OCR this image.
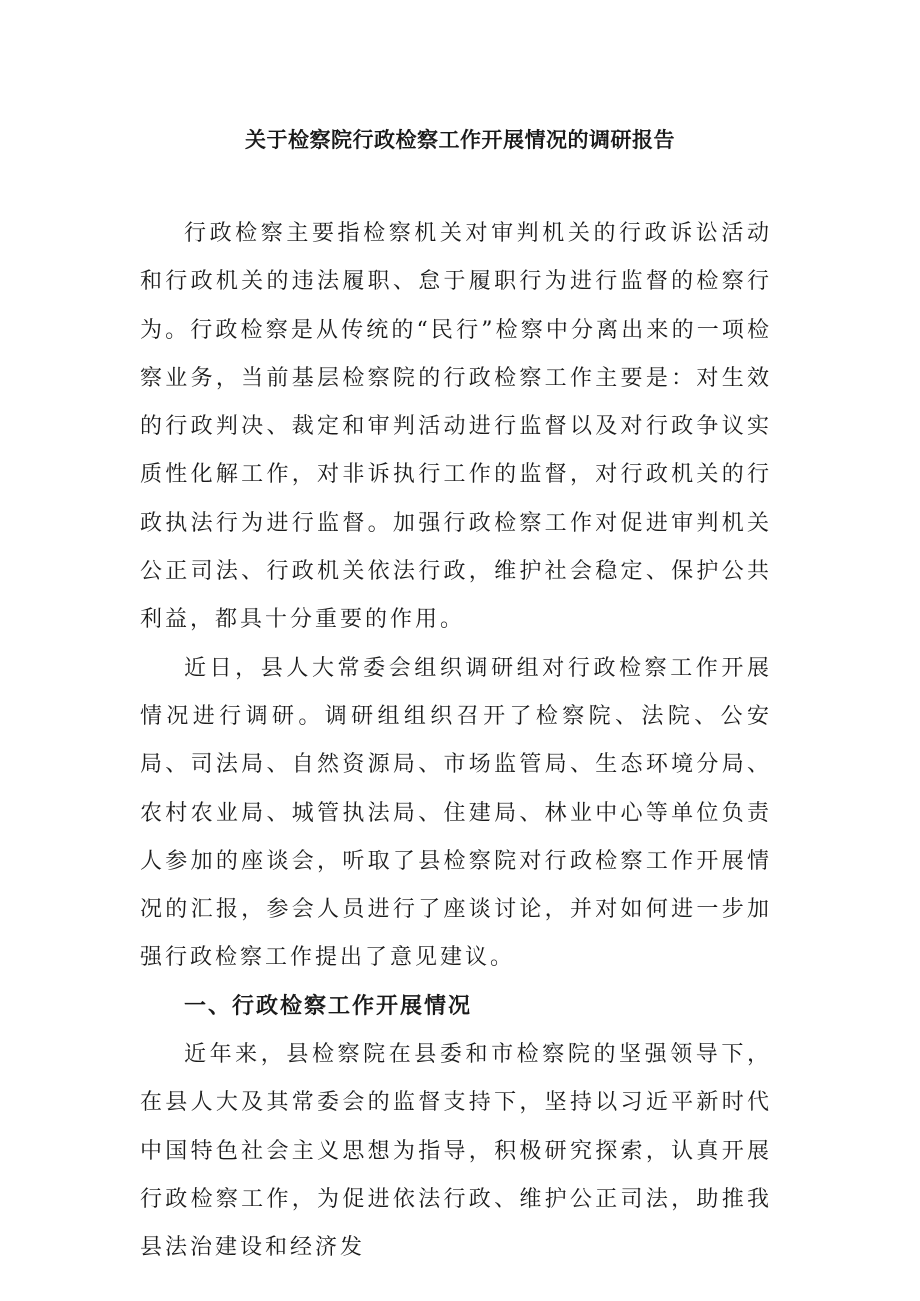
关于检察院行政检察工作开展情况的调研报告

行政检察主要指检察机关对审判机关的行政诉讼活动和行政机关的违法履职、怠于履职行为进行监督的检察行为。行政检察是从传统的“民行”检察中分离出来的一项检察业务，当前基层检察院的行政检察工作主要是：对生效的行政判决、裁定和审判活动进行监督以及对行政争议实质性化解工作，对非诉执行工作的监督，对行政机关的行政执法行为进行监督。加强行政检察工作对促进审判机关公正司法、行政机关依法行政，维护社会稳定、保护公共利益，都具十分重要的作用。

近日，县人大常委会组织调研组对行政检察工作开展情况进行调研。调研组组织召开了检察院、法院、公安局、司法局、自然资源局、市场监管局、生态环境分局、农村农业局、城管执法局、住建局、林业中心等单位负责人参加的座谈会，听取了县检察院对行政检察工作开展情况的汇报，参会人员进行了座谈讨论，并对如何进一步加强行政检察工作提出了意见建议。

一、行政检察工作开展情况

近年来，县检察院在县委和市检察院的坚强领导下，在县人大及其常委会的监督支持下，坚持以习近平新时代中国特色社会主义思想为指导，积极研究探索，认真开展行政检察工作，为促进依法行政、维护公正司法，助推我县法治建设和经济发
